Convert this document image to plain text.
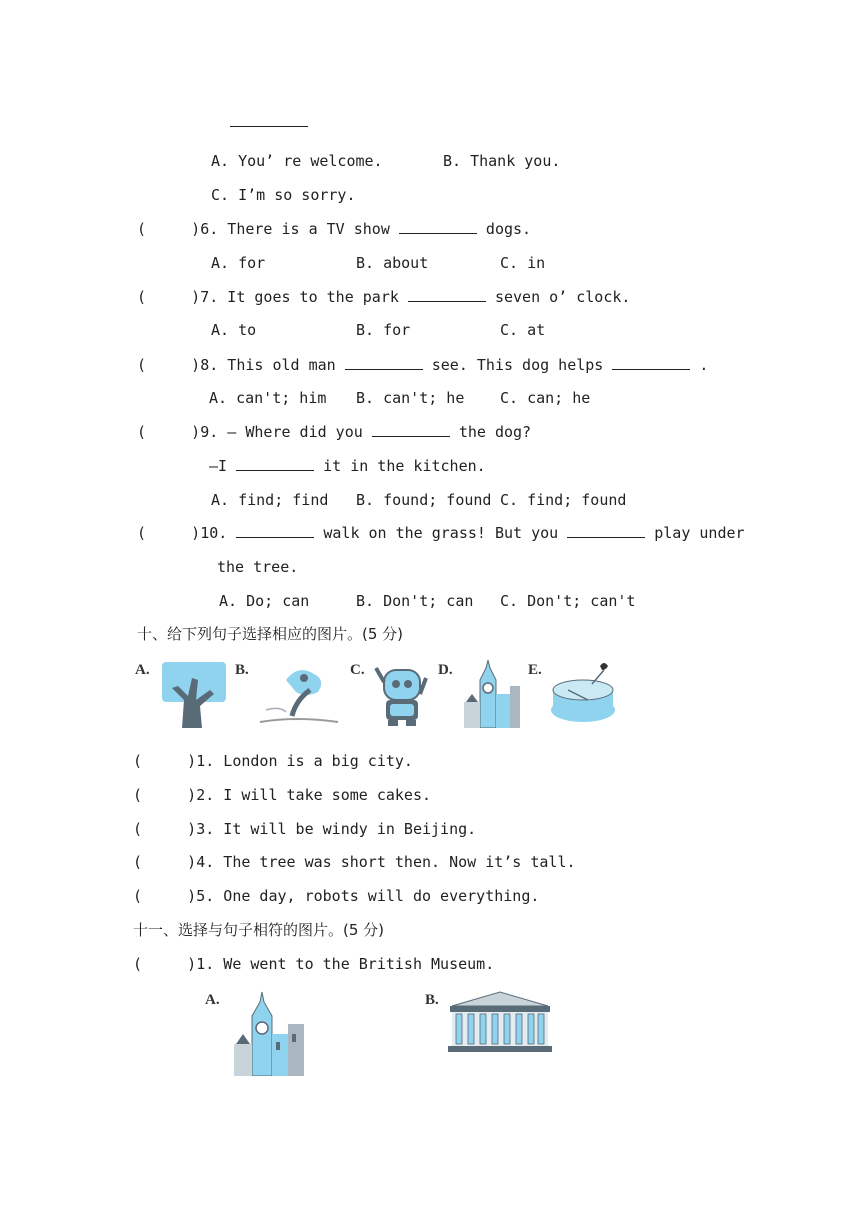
A. You’ re welcome.	B. Thank you.
C. I’m so sorry.
(     )6. There is a TV show	dogs.
A. for	B. about	C. in
(     )7. It goes to the park	seven o’ clock.
A. to	B. for	C. at
(     )8. This old man	see. This dog helps	.
A. can't; him B. can't; he C. can; he
(     )9. — Where did you	the dog?
—I	it in the kitchen.
A. find; find B. found; found C. find; found
(     )10.	walk on the grass! But you	play under
the tree.
A. Do; can	B. Don't; can C. Don't; can't
十、给下列句子选择相应的图片。(5 分)
A.	B.	C.	D.	E.
(     )1. London is a big city.
(     )2. I will take some cakes.
(     )3. It will be windy in Beijing.
(     )4. The tree was short then. Now it’s tall.
(     )5. One day, robots will do everything.
十一、选择与句子相符的图片。(5 分)
(     )1. We went to the British Museum.
A.	B.
